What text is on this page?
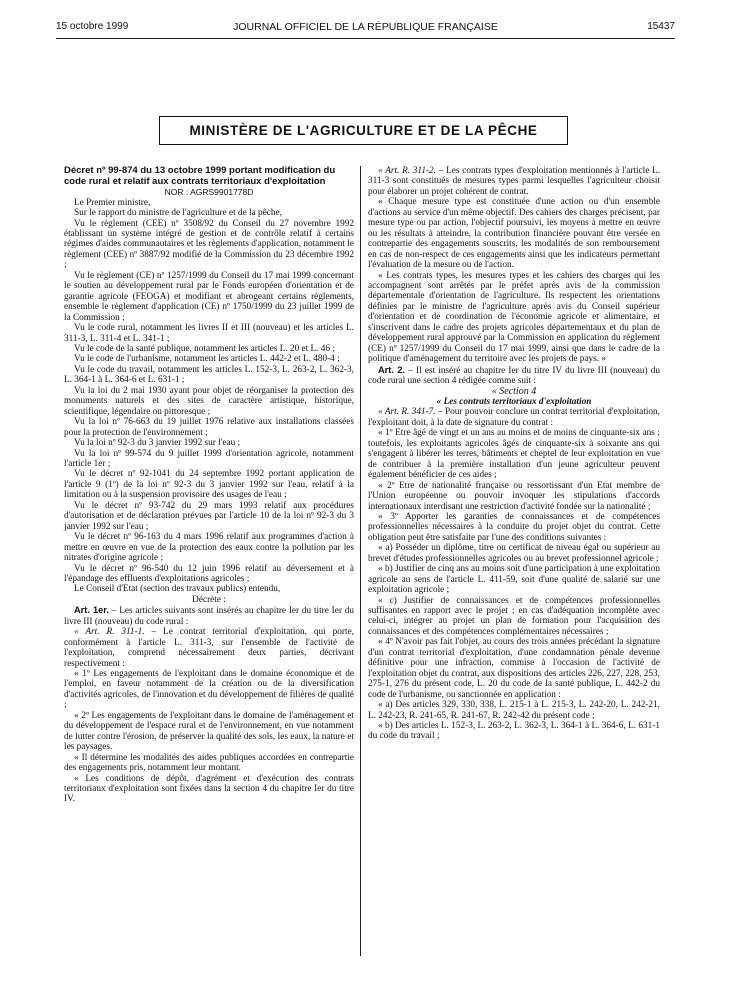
15 octobre 1999	JOURNAL OFFICIEL DE LA RÉPUBLIQUE FRANÇAISE	15437
MINISTÈRE DE L'AGRICULTURE ET DE LA PÊCHE

Décret nº 99-874 du 13 octobre 1999 portant modification du code rural et relatif aux contrats territoriaux d'exploitation

NOR : AGRS9901778D

Le Premier ministre,

Sur le rapport du ministre de l'agriculture et de la pêche,

Vu le règlement (CEE) nº 3508/92 du Conseil du 27 novembre 1992 établissant un système intégré de gestion et de contrôle relatif à certains régimes d'aides communautaires et les règlements d'application, notamment le règlement (CEE) nº 3887/92 modifié de la Commission du 23 décembre 1992 ;

Vu le règlement (CE) nº 1257/1999 du Conseil du 17 mai 1999 concernant le soutien au développement rural par le Fonds européen d'orientation et de garantie agricole (FEOGA) et modifiant et abrogeant certains règlements, ensemble le règlement d'application (CE) nº 1750/1999 du 23 juillet 1999 de la Commission ;

Vu le code rural, notamment les livres II et III (nouveau) et les articles L. 311-3, L. 311-4 et L. 341-1 ;

Vu le code de la santé publique, notamment les articles L. 20 et L. 46 ;

Vu le code de l'urbanisme, notamment les articles L. 442-2 et L. 480-4 ;

Vu le code du travail, notamment les articles L. 152-3, L. 263-2, L. 362-3, L. 364-1 à L. 364-6 et L. 631-1 ;

Vu la loi du 2 mai 1930 ayant pour objet de réorganiser la protection des monuments naturels et des sites de caractère artistique, historique, scientifique, légendaire ou pittoresque ;

Vu la loi nº 76-663 du 19 juillet 1976 relative aux installations classées pour la protection de l'environnement ;

Vu la loi nº 92-3 du 3 janvier 1992 sur l'eau ;

Vu la loi nº 99-574 du 9 juillet 1999 d'orientation agricole, notamment l'article 1er ;

Vu le décret nº 92-1041 du 24 septembre 1992 portant application de l'article 9 (1º) de la loi nº 92-3 du 3 janvier 1992 sur l'eau, relatif à la limitation ou à la suspension provisoire des usages de l'eau ;

Vu le décret nº 93-742 du 29 mars 1993 relatif aux procédures d'autorisation et de déclaration prévues par l'article 10 de la loi nº 92-3 du 3 janvier 1992 sur l'eau ;

Vu le décret nº 96-163 du 4 mars 1996 relatif aux programmes d'action à mettre en œuvre en vue de la protection des eaux contre la pollution par les nitrates d'origine agricole ;

Vu le décret nº 96-540 du 12 juin 1996 relatif au déversement et à l'épandage des effluents d'exploitations agricoles ;

Le Conseil d'Etat (section des travaux publics) entendu,

Décrète :

Art. 1er. – Les articles suivants sont insérés au chapitre Ier du titre Ier du livre III (nouveau) du code rural :

« Art. R. 311-1. – Le contrat territorial d'exploitation, qui porte, conformément à l'article L. 311-3, sur l'ensemble de l'activité de l'exploitation, comprend nécessairement deux parties, décrivant respectivement :

« 1º Les engagements de l'exploitant dans le domaine économique et de l'emploi, en faveur notamment de la création ou de la diversification d'activités agricoles, de l'innovation et du développement de filières de qualité ;

« 2º Les engagements de l'exploitant dans le domaine de l'aménagement et du développement de l'espace rural et de l'environnement, en vue notamment de lutter contre l'érosion, de préserver la qualité des sols, les eaux, la nature et les paysages.

« Il détermine les modalités des aides publiques accordées en contrepartie des engagements pris, notamment leur montant.

« Les conditions de dépôt, d'agrément et d'exécution des contrats territoriaux d'exploitation sont fixées dans la section 4 du chapitre Ier du titre IV.

« Art. R. 311-2. – Les contrats types d'exploitation mentionnés à l'article L. 311-3 sont constitués de mesures types parmi lesquelles l'agriculteur choisit pour élaborer un projet cohérent de contrat.

« Chaque mesure type est constituée d'une action ou d'un ensemble d'actions au service d'un même objectif. Des cahiers des charges précisent, par mesure type ou par action, l'objectif poursuivi, les moyens à mettre en œuvre ou les résultats à atteindre, la contribution financière pouvant être versée en contrepartie des engagements souscrits, les modalités de son remboursement en cas de non-respect de ces engagements ainsi que les indicateurs permettant l'évaluation de la mesure ou de l'action.

« Les contrats types, les mesures types et les cahiers des charges qui les accompagnent sont arrêtés par le préfet après avis de la commission départementale d'orientation de l'agriculture. Ils respectent les orientations définies par le ministre de l'agriculture après avis du Conseil supérieur d'orientation et de coordination de l'économie agricole et alimentaire, et s'inscrivent dans le cadre des projets agricoles départementaux et du plan de développement rural approuvé par la Commission en application du règlement (CE) nº 1257/1999 du Conseil du 17 mai 1999, ainsi que dans le cadre de la politique d'aménagement du territoire avec les projets de pays. »

Art. 2. – Il est inséré au chapitre Ier du titre IV du livre III (nouveau) du code rural une section 4 rédigée comme suit :

« Section 4

« Les contrats territoriaux d'exploitation

« Art. R. 341-7. – Pour pouvoir conclure un contrat territorial d'exploitation, l'exploitant doit, à la date de signature du contrat :

« 1º Etre âgé de vingt et un ans au moins et de moins de cinquante-six ans ; toutefois, les exploitants agricoles âgés de cinquante-six à soixante ans qui s'engagent à libérer les terres, bâtiments et cheptel de leur exploitation en vue de contribuer à la première installation d'un jeune agriculteur peuvent également bénéficier de ces aides ;

« 2º Etre de nationalité française ou ressortissant d'un Etat membre de l'Union européenne ou pouvoir invoquer les stipulations d'accords internationaux interdisant une restriction d'activité fondée sur la nationalité ;

« 3º Apporter les garanties de connaissances et de compétences professionnelles nécessaires à la conduite du projet objet du contrat. Cette obligation peut être satisfaite par l'une des conditions suivantes :

« a) Posséder un diplôme, titre ou certificat de niveau égal ou supérieur au brevet d'études professionnelles agricoles ou au brevet professionnel agricole ;

« b) Justifier de cinq ans au moins soit d'une participation à une exploitation agricole au sens de l'article L. 411-59, soit d'une qualité de salarié sur une exploitation agricole ;

« c) Justifier de connaissances et de compétences professionnelles suffisantes en rapport avec le projet ; en cas d'adéquation incomplète avec celui-ci, intégrer au projet un plan de formation pour l'acquisition des connaissances et des compétences complémentaires nécessaires ;

« 4º N'avoir pas fait l'objet, au cours des trois années précédant la signature d'un contrat territorial d'exploitation, d'une condamnation pénale devenue définitive pour une infraction, commise à l'occasion de l'activité de l'exploitation objet du contrat, aux dispositions des articles 226, 227, 228, 253, 275-1, 276 du présent code, L. 20 du code de la santé publique, L. 442-2 du code de l'urbanisme, ou sanctionnée en application :

« a) Des articles 329, 330, 338, L. 215-1 à L. 215-3, L. 242-20, L. 242-21, L. 242-23, R. 241-65, R. 241-67, R. 242-42 du présent code ;

« b) Des articles L. 152-3, L. 263-2, L. 362-3, L. 364-1 à L. 364-6, L. 631-1 du code du travail ;
